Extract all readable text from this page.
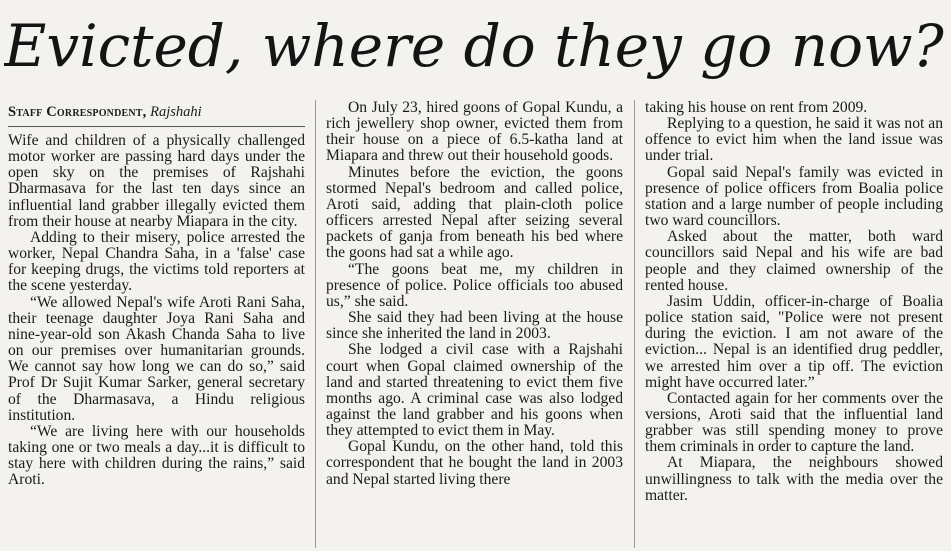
Evicted, where do they go now?
Staff Correspondent, Rajshahi

Wife and children of a physically challenged motor worker are passing hard days under the open sky on the premises of Rajshahi Dharmasava for the last ten days since an influential land grabber illegally evicted them from their house at nearby Miapara in the city.

Adding to their misery, police arrested the worker, Nepal Chandra Saha, in a 'false' case for keeping drugs, the victims told reporters at the scene yesterday.

“We allowed Nepal's wife Aroti Rani Saha, their teenage daughter Joya Rani Saha and nine-year-old son Akash Chanda Saha to live on our premises over humanitarian grounds. We cannot say how long we can do so,” said Prof Dr Sujit Kumar Sarker, general secretary of the Dharmasava, a Hindu religious institution.

“We are living here with our households taking one or two meals a day...it is difficult to stay here with children during the rains,” said Aroti.

On July 23, hired goons of Gopal Kundu, a rich jewellery shop owner, evicted them from their house on a piece of 6.5-katha land at Miapara and threw out their household goods.

Minutes before the eviction, the goons stormed Nepal's bedroom and called police, Aroti said, adding that plain-cloth police officers arrested Nepal after seizing several packets of ganja from beneath his bed where the goons had sat a while ago.

“The goons beat me, my children in presence of police. Police officials too abused us,” she said.

She said they had been living at the house since she inherited the land in 2003.

She lodged a civil case with a Rajshahi court when Gopal claimed ownership of the land and started threatening to evict them five months ago. A criminal case was also lodged against the land grabber and his goons when they attempted to evict them in May.

Gopal Kundu, on the other hand, told this correspondent that he bought the land in 2003 and Nepal started living there

taking his house on rent from 2009.

Replying to a question, he said it was not an offence to evict him when the land issue was under trial.

Gopal said Nepal's family was evicted in presence of police officers from Boalia police station and a large number of people including two ward councillors.

Asked about the matter, both ward councillors said Nepal and his wife are bad people and they claimed ownership of the rented house.

Jasim Uddin, officer-in-charge of Boalia police station said, "Police were not present during the eviction. I am not aware of the eviction... Nepal is an identified drug peddler, we arrested him over a tip off. The eviction might have occurred later.”

Contacted again for her comments over the versions, Aroti said that the influential land grabber was still spending money to prove them criminals in order to capture the land.

At Miapara, the neighbours showed unwillingness to talk with the media over the matter.
